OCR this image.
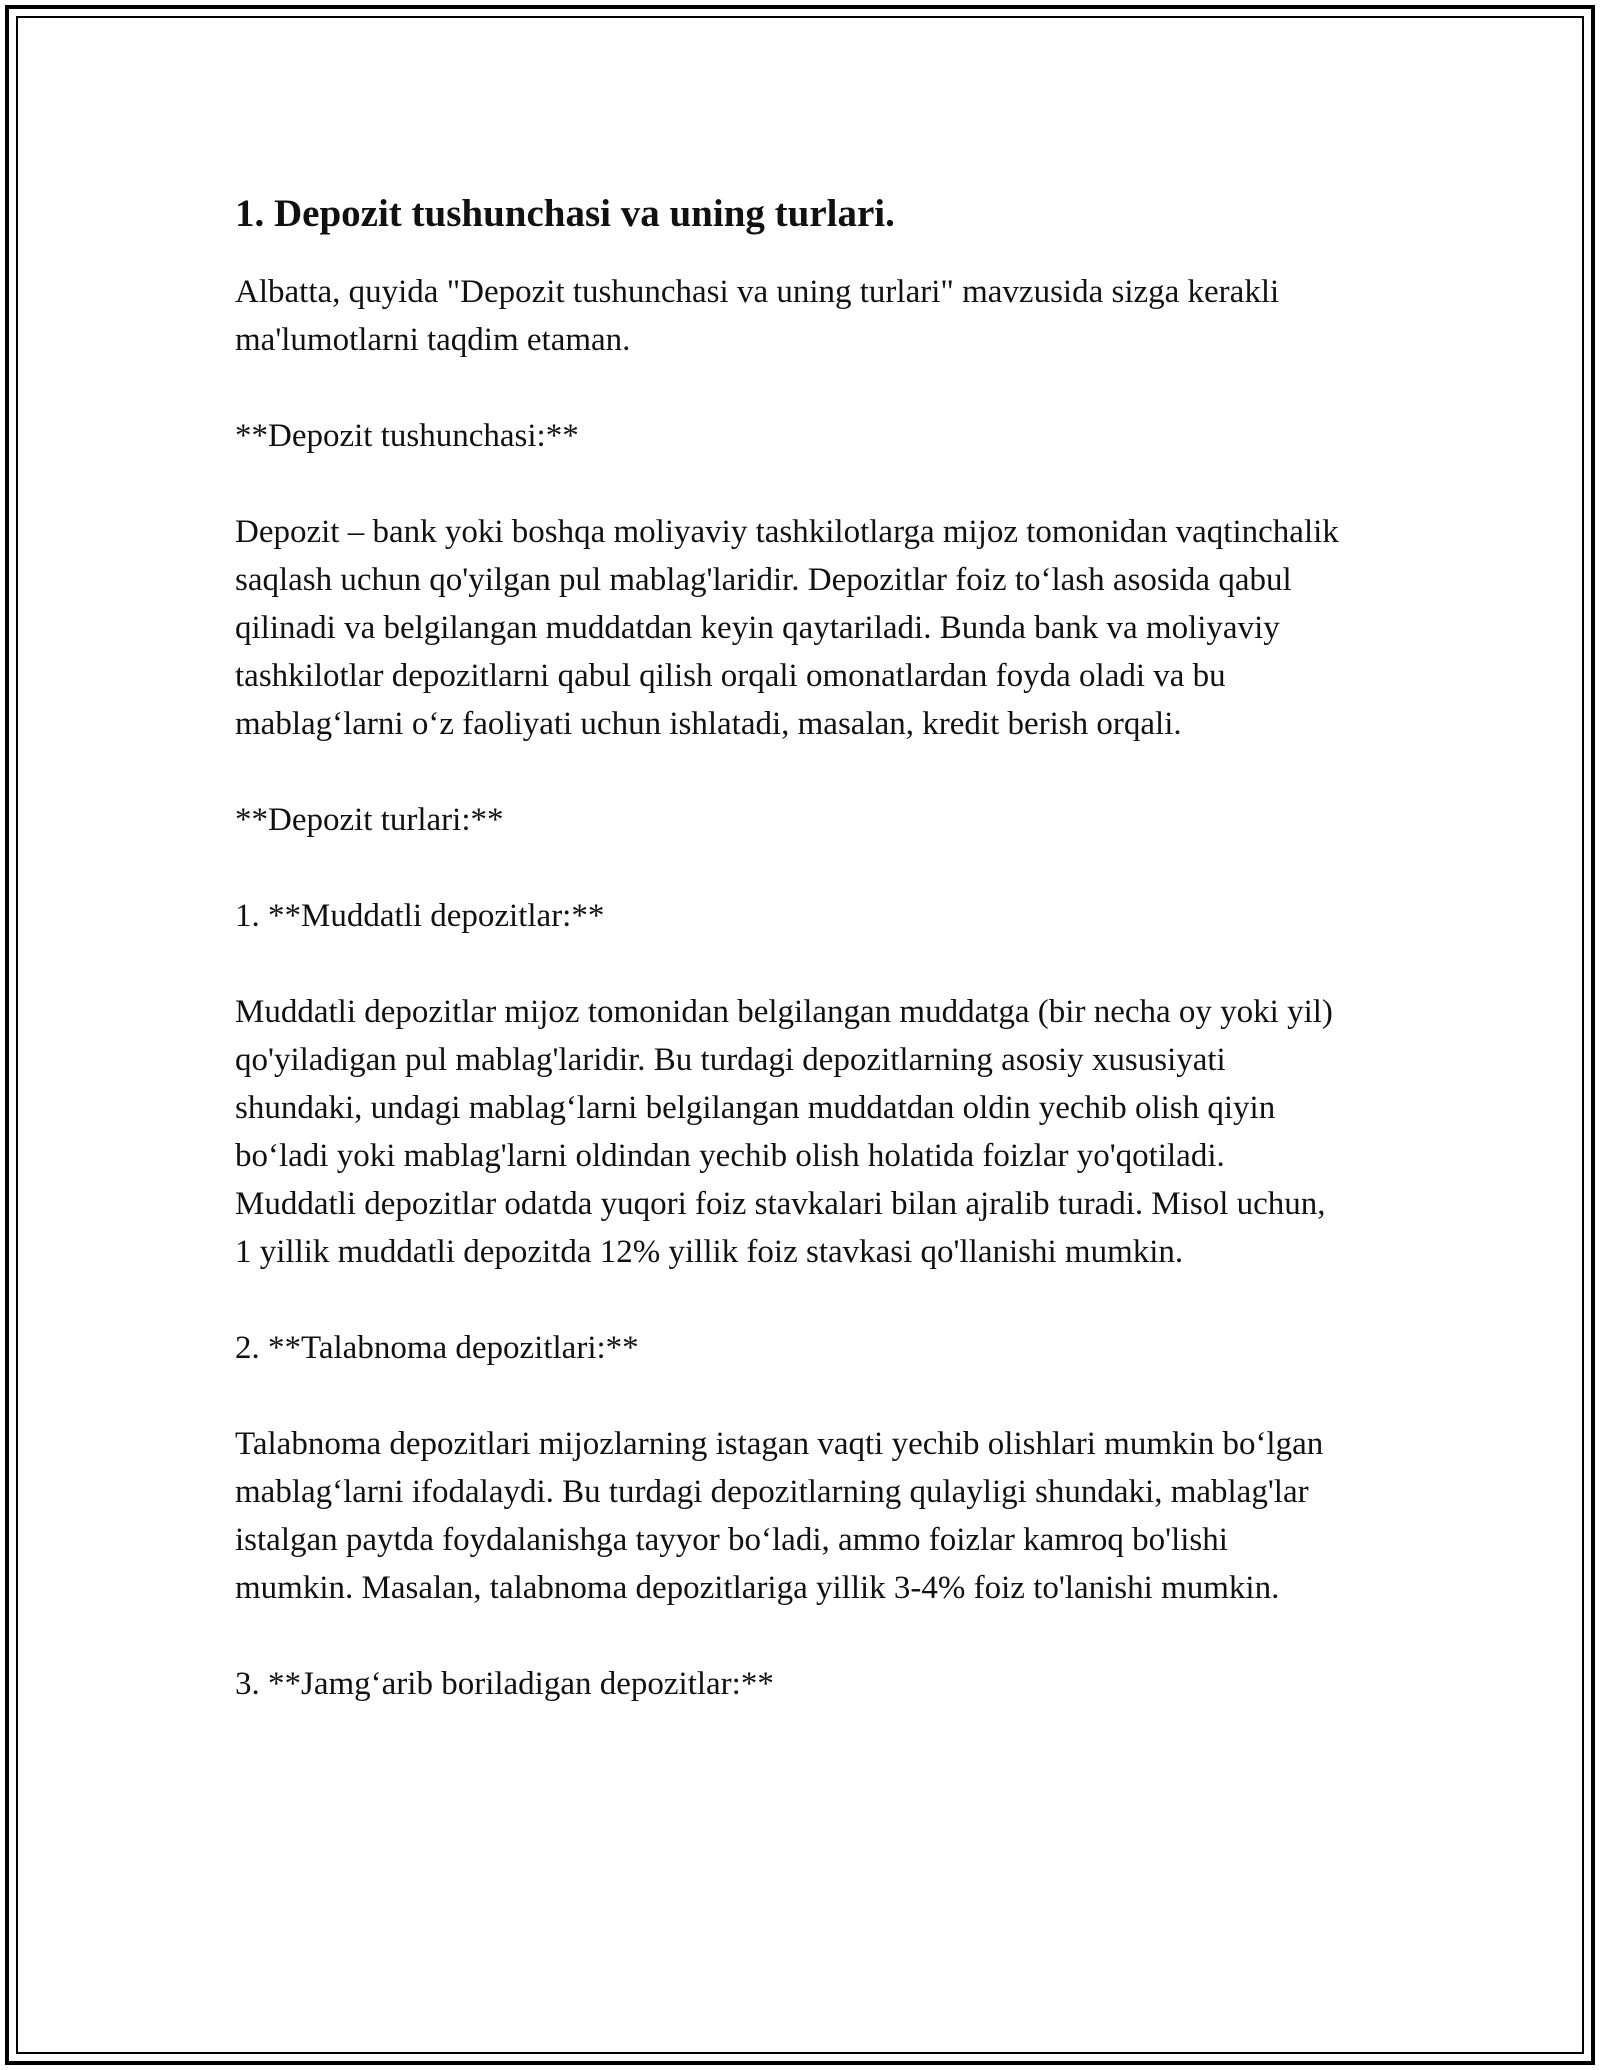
1. Depozit tushunchasi va uning turlari.

Albatta, quyida "Depozit tushunchasi va uning turlari" mavzusida sizga kerakli ma'lumotlarni taqdim etaman.

**Depozit tushunchasi:**

Depozit – bank yoki boshqa moliyaviy tashkilotlarga mijoz tomonidan vaqtinchalik saqlash uchun qo'yilgan pul mablag'laridir. Depozitlar foiz to‘lash asosida qabul qilinadi va belgilangan muddatdan keyin qaytariladi. Bunda bank va moliyaviy tashkilotlar depozitlarni qabul qilish orqali omonatlardan foyda oladi va bu mablag‘larni o‘z faoliyati uchun ishlatadi, masalan, kredit berish orqali.

**Depozit turlari:**

1. **Muddatli depozitlar:**

Muddatli depozitlar mijoz tomonidan belgilangan muddatga (bir necha oy yoki yil) qo'yiladigan pul mablag'laridir. Bu turdagi depozitlarning asosiy xususiyati shundaki, undagi mablag‘larni belgilangan muddatdan oldin yechib olish qiyin bo‘ladi yoki mablag'larni oldindan yechib olish holatida foizlar yo'qotiladi. Muddatli depozitlar odatda yuqori foiz stavkalari bilan ajralib turadi. Misol uchun, 1 yillik muddatli depozitda 12% yillik foiz stavkasi qo'llanishi mumkin.

2. **Talabnoma depozitlari:**

Talabnoma depozitlari mijozlarning istagan vaqti yechib olishlari mumkin bo‘lgan mablag‘larni ifodalaydi. Bu turdagi depozitlarning qulayligi shundaki, mablag'lar istalgan paytda foydalanishga tayyor bo‘ladi, ammo foizlar kamroq bo'lishi mumkin. Masalan, talabnoma depozitlariga yillik 3-4% foiz to'lanishi mumkin.

3. **Jamg‘arib boriladigan depozitlar:**
